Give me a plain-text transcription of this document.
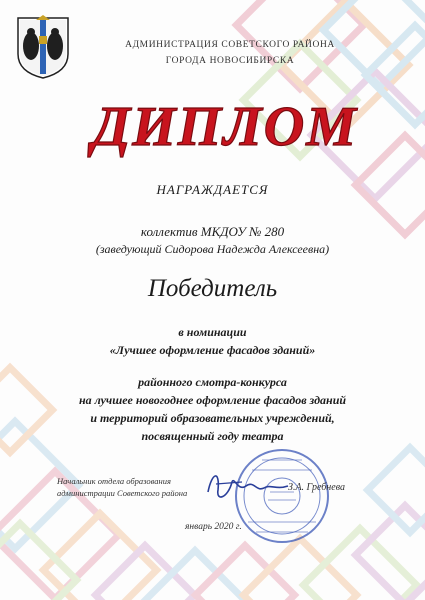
АДМИНИСТРАЦИЯ СОВЕТСКОГО РАЙОНА
ГОРОДА НОВОСИБИРСКА
ДИПЛОМ
НАГРАЖДАЕТСЯ
коллектив МКДОУ № 280
(заведующий Сидорова Надежда Алексеевна)
Победитель
в номинации
«Лучшее оформление фасадов зданий»
районного смотра-конкурса
на лучшее новогоднее оформление фасадов зданий
и территорий образовательных учреждений,
посвященный году театра
Начальник отдела образования
администрации Советского района	З.А. Гребнева
январь 2020 г.
